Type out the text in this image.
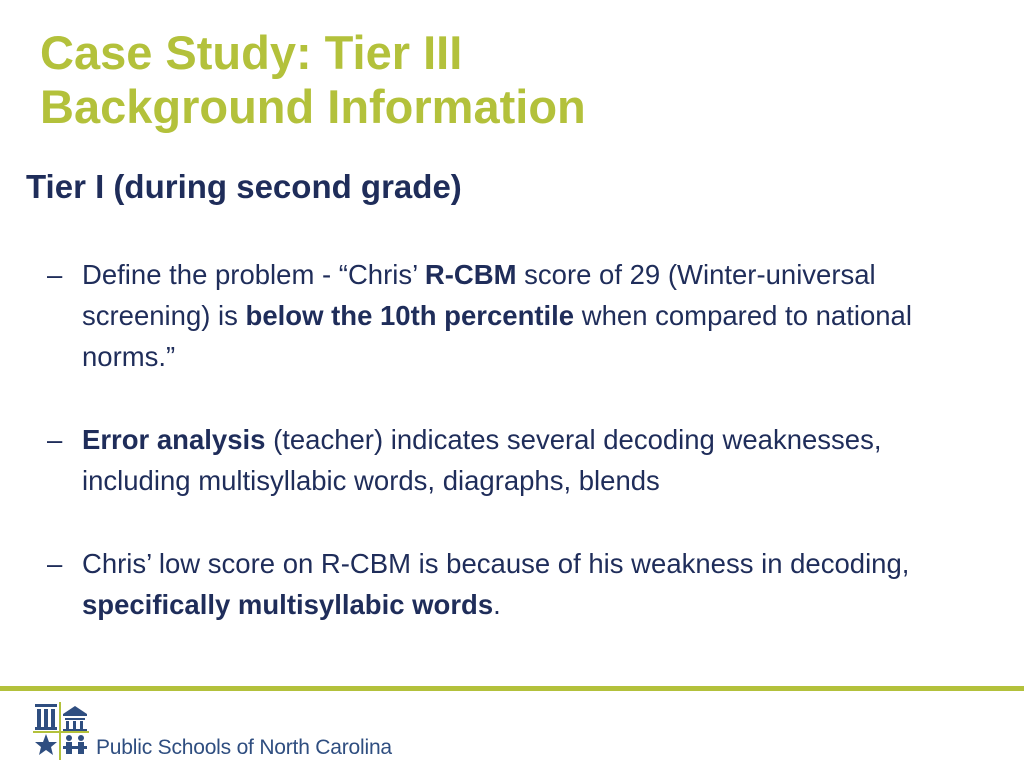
Case Study: Tier III
Background Information
Tier I (during second grade)
– Define the problem - “Chris’ R-CBM score of 29 (Winter-universal screening) is below the 10th percentile when compared to national norms.”
– Error analysis (teacher) indicates several decoding weaknesses, including multisyllabic words, diagraphs, blends
– Chris’ low score on R-CBM is because of his weakness in decoding, specifically multisyllabic words.
Public Schools of North Carolina
